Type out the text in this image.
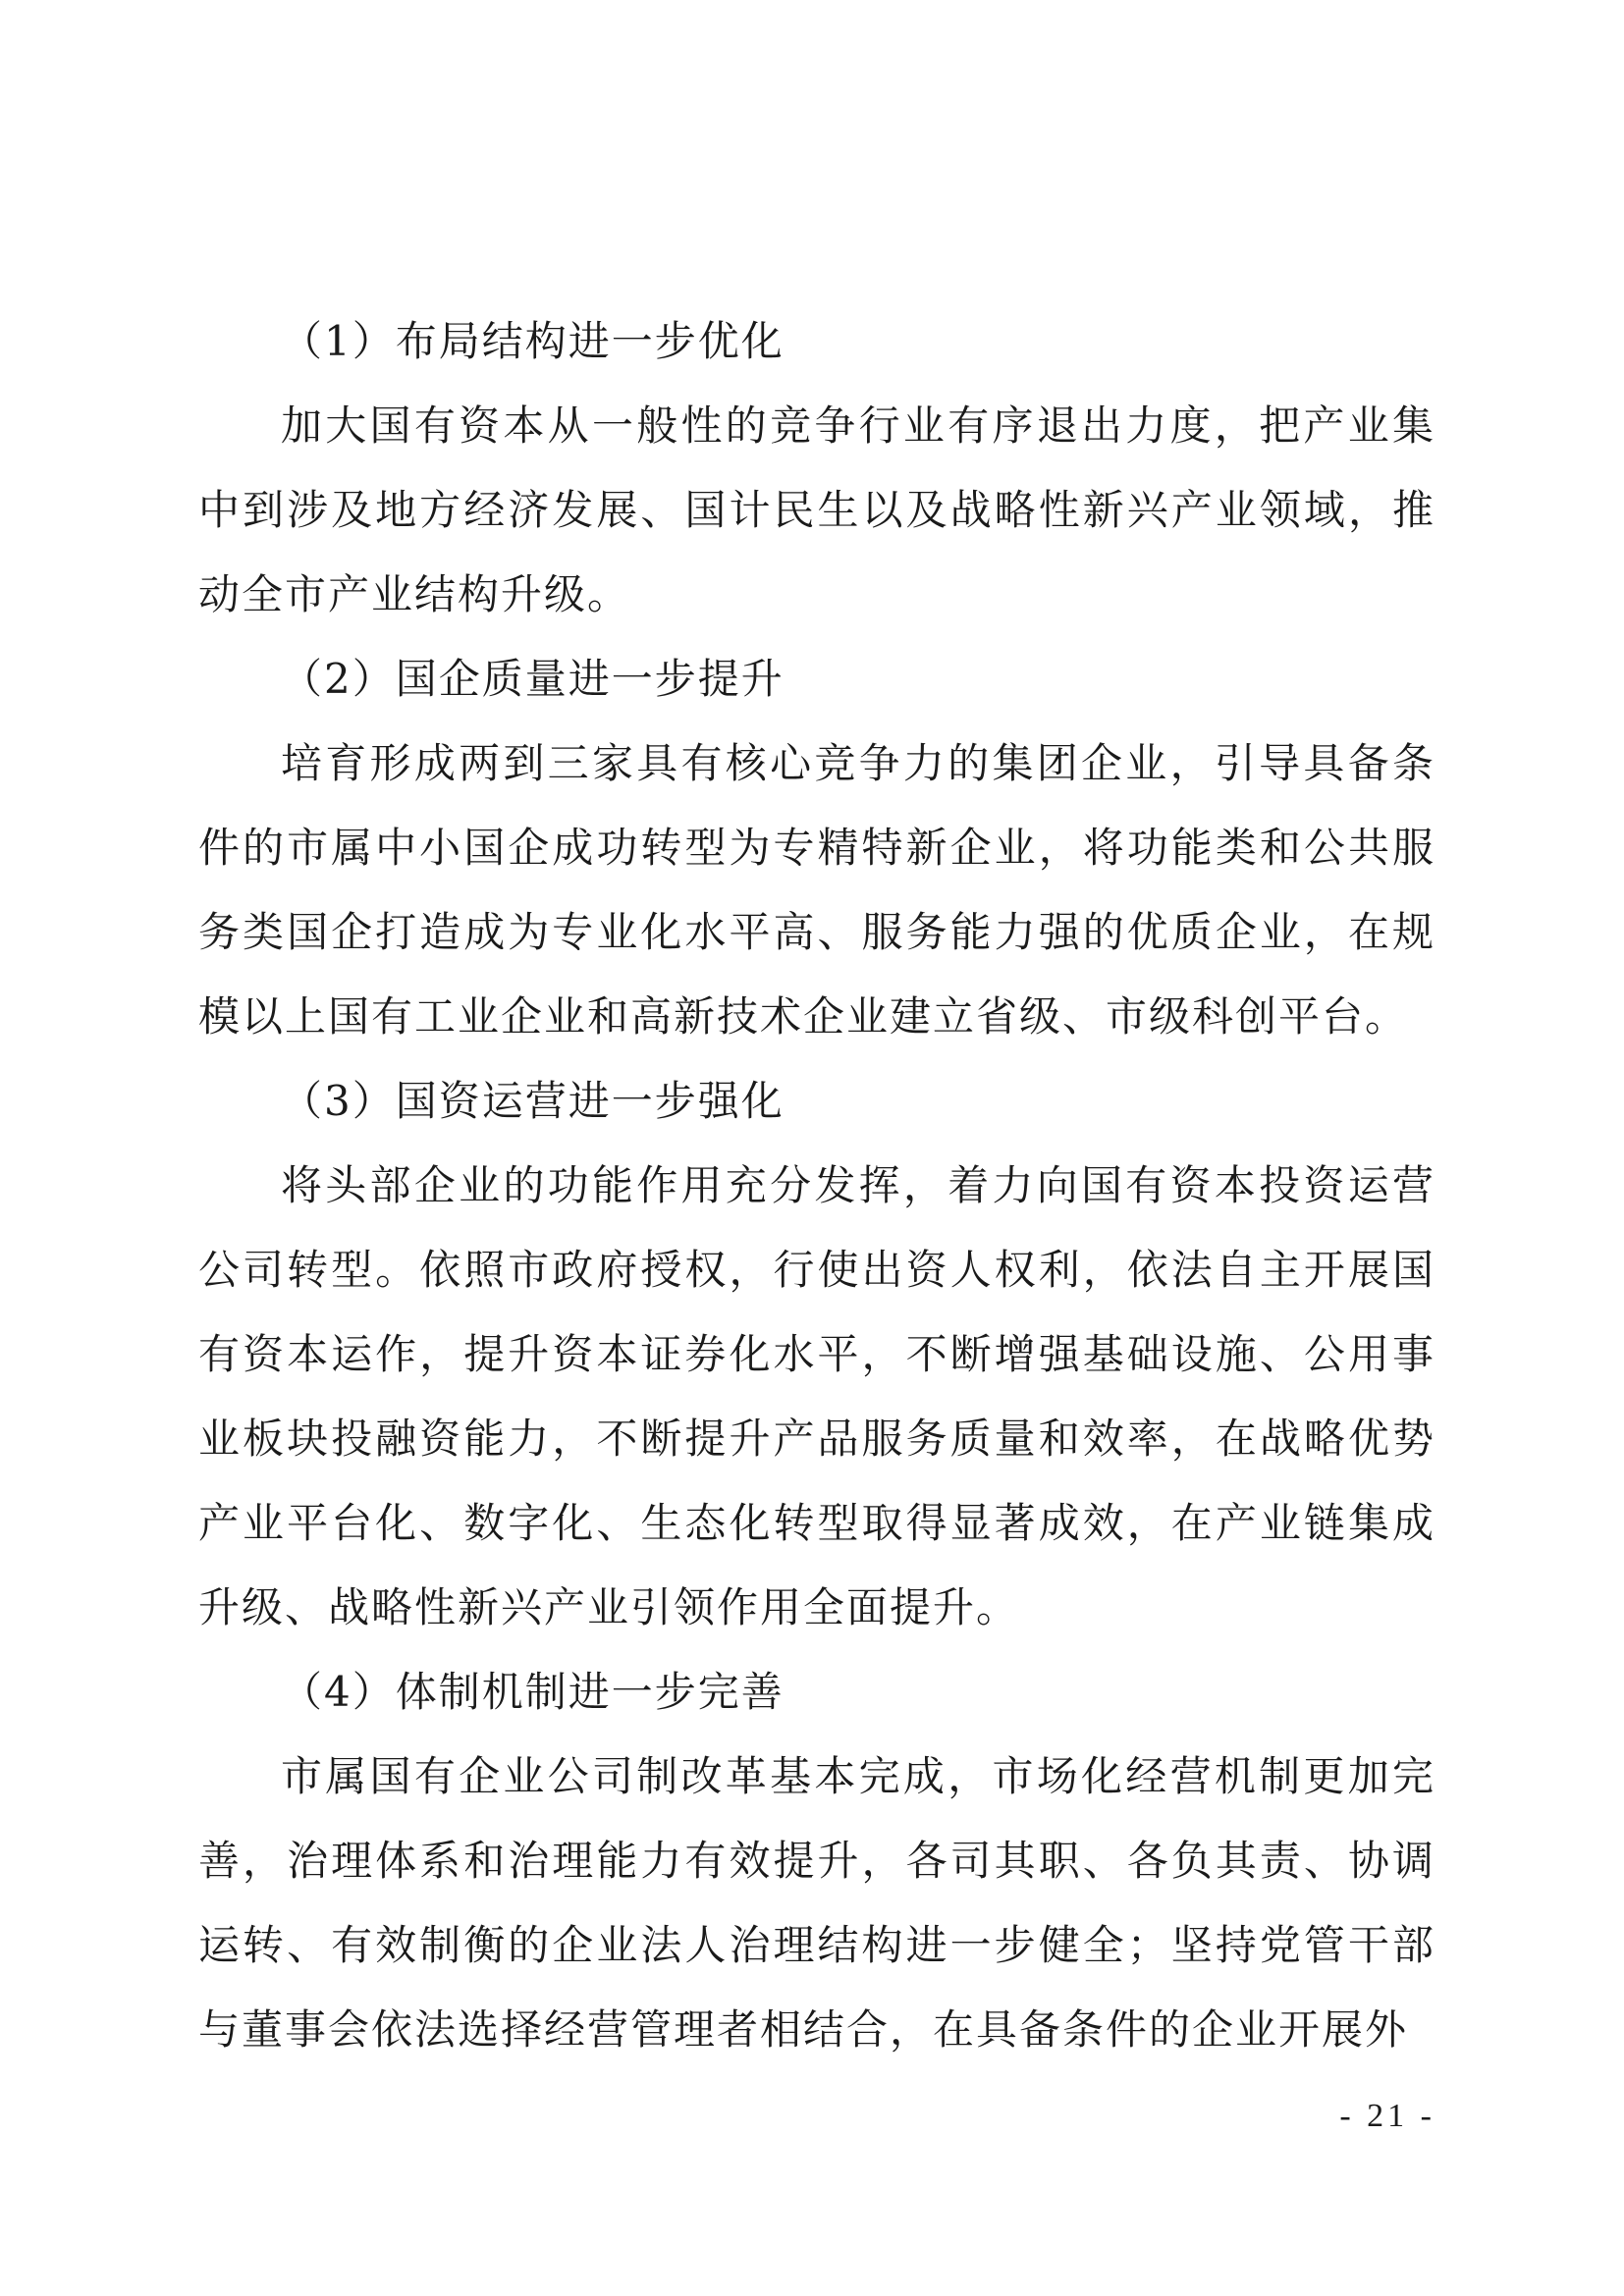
（1）布局结构进一步优化

加大国有资本从一般性的竞争行业有序退出力度，把产业集中到涉及地方经济发展、国计民生以及战略性新兴产业领域，推动全市产业结构升级。

（2）国企质量进一步提升

培育形成两到三家具有核心竞争力的集团企业，引导具备条件的市属中小国企成功转型为专精特新企业，将功能类和公共服务类国企打造成为专业化水平高、服务能力强的优质企业，在规模以上国有工业企业和高新技术企业建立省级、市级科创平台。

（3）国资运营进一步强化

将头部企业的功能作用充分发挥，着力向国有资本投资运营公司转型。依照市政府授权，行使出资人权利，依法自主开展国有资本运作，提升资本证券化水平，不断增强基础设施、公用事业板块投融资能力，不断提升产品服务质量和效率，在战略优势产业平台化、数字化、生态化转型取得显著成效，在产业链集成升级、战略性新兴产业引领作用全面提升。

（4）体制机制进一步完善

市属国有企业公司制改革基本完成，市场化经营机制更加完善，治理体系和治理能力有效提升，各司其职、各负其责、协调运转、有效制衡的企业法人治理结构进一步健全；坚持党管干部与董事会依法选择经营管理者相结合，在具备条件的企业开展外

- 21 -
